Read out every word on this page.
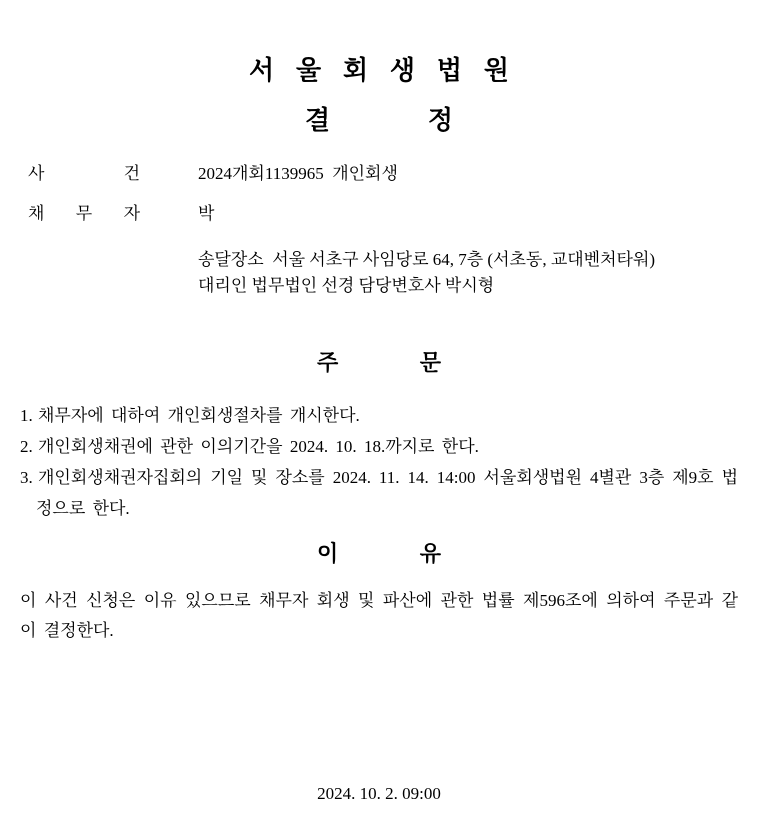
서 울 회 생 법 원
결	정
사	건	2024개회1139965  개인회생
채 무 자	박
송달장소  서울 서초구 사임당로 64, 7층 (서초동, 교대벤처타워)
대리인 법무법인 선경 담당변호사 박시형
주	문
1. 채무자에 대하여 개인회생절차를 개시한다.
2. 개인회생채권에 관한 이의기간을 2024. 10. 18.까지로 한다.
3. 개인회생채권자집회의 기일 및 장소를 2024. 11. 14. 14:00 서울회생법원 4별관 3층 제9호 법정으로 한다.
이	유
이 사건 신청은 이유 있으므로 채무자 회생 및 파산에 관한 법률 제596조에 의하여 주문과 같이 결정한다.
2024. 10. 2. 09:00
